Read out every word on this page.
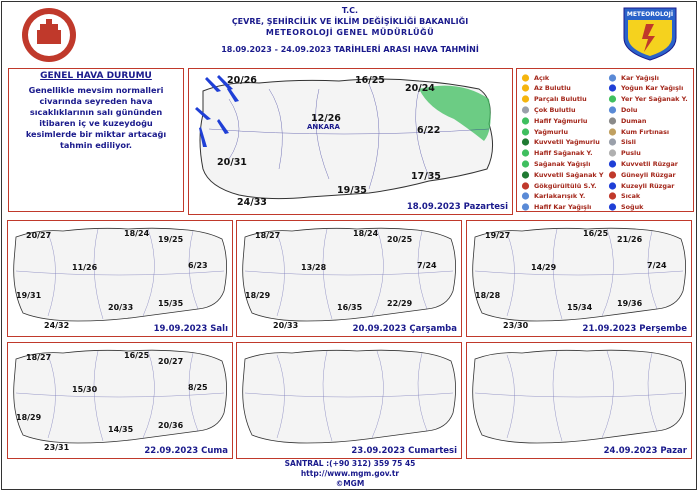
T.C.
ÇEVRE, ŞEHİRCİLİK VE İKLİM DEĞİŞİKLİĞİ BAKANLIĞI
METEOROLOJİ GENEL MÜDÜRLÜĞÜ
18.09.2023 - 24.09.2023 TARİHLERİ ARASI HAVA TAHMİNİ
METEOROLOJİ
GENEL HAVA DURUMU
Genellikle mevsim normalleri civarında seyreden hava sıcaklıklarının salı gününden itibaren iç ve kuzeydoğu kesimlerde bir miktar artacağı tahmin ediliyor.
ANKARA
20/26	16/25
20/24
12/26
6/22
20/31
19/35
17/35
24/33	18.09.2023 Pazartesi
Açık
Az Bulutlu
Parçalı Bulutlu
Çok Bulutlu
Hafif Yağmurlu
Yağmurlu
Kuvvetli Yağmurlu
Hafif Sağanak Y.
Sağanak Yağışlı
Kuvvetli Sağanak Y
Gökgürültülü S.Y.
Karlakarışık Y.
Hafif Kar Yağışlı
Kar Yağışlı
Yoğun Kar Yağışlı
Yer Yer Sağanak Y.
Dolu
Duman
Kum Fırtınası
Sisli
Puslu
Kuvvetli Rüzgar
Güneyli Rüzgar
Kuzeyli Rüzgar
Sıcak
Soğuk
20/27	18/24
19/25
11/26	6/23
19/31
20/33	15/35
24/32	19.09.2023 Salı
18/27	18/24
20/25
13/28	7/24
18/29
16/35	22/29
20/33	20.09.2023 Çarşamba
19/27	16/25
21/26
14/29	7/24
18/28
15/34	19/36
23/30	21.09.2023 Perşembe
18/27	16/25
20/27
15/30	8/25
18/29
14/35	20/36
23/31	22.09.2023 Cuma	23.09.2023 Cumartesi	24.09.2023 Pazar
SANTRAL :(+90 312) 359 75 45
http://www.mgm.gov.tr
©MGM
